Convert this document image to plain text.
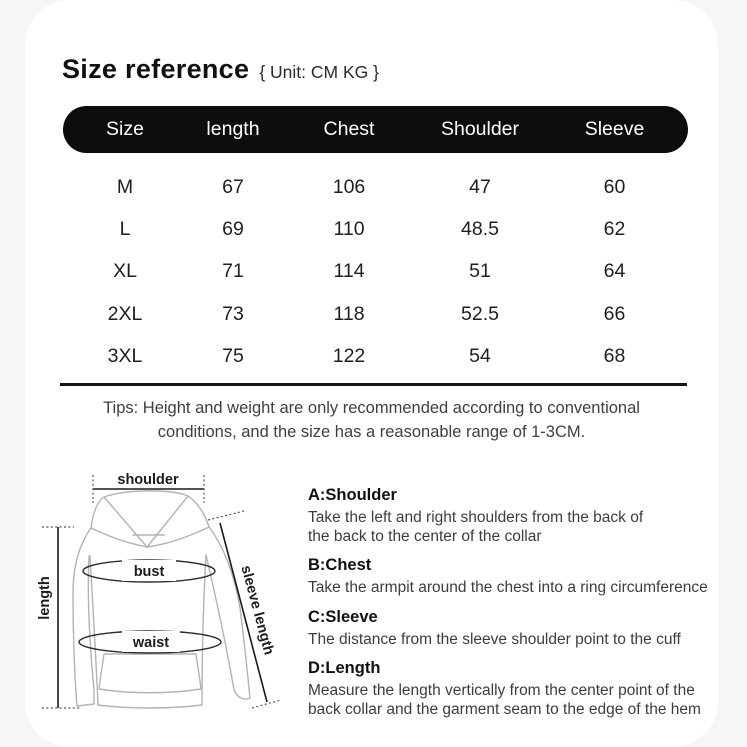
Size reference { Unit: CM KG }
Size	length	Chest	Shoulder	Sleeve
M	67	106	47	60
L	69	110	48.5	62
XL	71	114	51	64
2XL	73	118	52.5	66
3XL	75	122	54	68
Tips: Height and weight are only recommended according to conventional
conditions, and the size has a reasonable range of 1-3CM.
shoulder
length
bust
waist	sleeve length
A:Shoulder
Take the left and right shoulders from the back of
the back to the center of the collar
B:Chest
Take the armpit around the chest into a ring circumference
C:Sleeve
The distance from the sleeve shoulder point to the cuff
D:Length
Measure the length vertically from the center point of the
back collar and the garment seam to the edge of the hem
